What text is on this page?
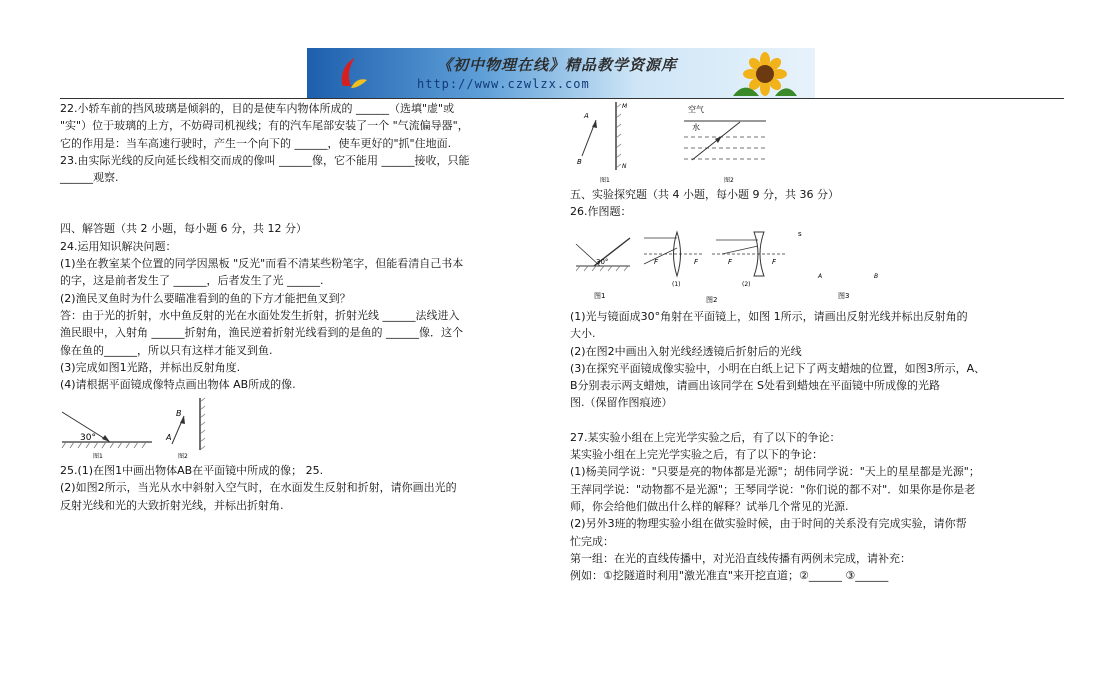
《初中物理在线》精品教学资源库
http://www.czwlzx.com

22.小轿车前的挡风玻璃是倾斜的，目的是使车内物体所成的 ______（选填"虚"或

"实"）位于玻璃的上方，不妨碍司机视线；有的汽车尾部安装了一个 "气流偏导器"，

它的作用是：当车高速行驶时，产生一个向下的 ______，使车更好的"抓"住地面.

23.由实际光线的反向延长线相交而成的像叫 ______像，它不能用 ______接收，只能

______观察.

四、解答题（共 2 小题，每小题 6 分，共 12 分）

24.运用知识解决问题：

(1)坐在教室某个位置的同学因黑板 "反光"而看不清某些粉笔字，但能看清自己书本

的字，这是前者发生了 ______，后者发生了光 ______.

(2)渔民叉鱼时为什么要瞄准看到的鱼的下方才能把鱼叉到？

答：由于光的折射，水中鱼反射的光在水面处发生折射，折射光线 ______法线进入

渔民眼中，入射角 ______折射角，渔民逆着折射光线看到的是鱼的 ______像．这个

像在鱼的______，所以只有这样才能叉到鱼.

(3)完成如图1光路，并标出反射角度.

(4)请根据平面镜成像特点画出物体 AB所成的像.

30°
图1
B
A
图2

25.(1)在图1中画出物体AB在平面镜中所成的像； 25.

(2)如图2所示，当光从水中斜射入空气时，在水面发生反射和折射，请你画出光的

反射光线和光的大致折射光线，并标出折射角.

A
B
M
N
图1
空气
水
图2

五、实验探究题（共 4 小题，每小题 9 分，共 36 分）

26.作图题：

30°
图1
F	F
(1)
图2
F	F
(2)
s
A	B
图3

(1)光与镜面成30°角射在平面镜上，如图 1所示，请画出反射光线并标出反射角的

大小.

(2)在图2中画出入射光线经透镜后折射后的光线

(3)在探究平面镜成像实验中，小明在白纸上记下了两支蜡烛的位置，如图3所示，A、

B分别表示两支蜡烛，请画出该同学在 S处看到蜡烛在平面镜中所成像的光路

图.（保留作图痕迹）

27.某实验小组在上完光学实验之后，有了以下的争论：

某实验小组在上完光学实验之后，有了以下的争论：

(1)杨美同学说："只要是亮的物体都是光源"；胡伟同学说："天上的星星都是光源"；

王萍同学说："动物都不是光源"；王琴同学说："你们说的都不对"．如果你是你是老

师，你会给他们做出什么样的解释？试举几个常见的光源.

(2)另外3班的物理实验小组在做实验时候，由于时间的关系没有完成实验，请你帮

忙完成：

第一组：在光的直线传播中，对光沿直线传播有两例未完成，请补充：

例如：①挖隧道时利用"激光准直"来开挖直道；②______ ③______
